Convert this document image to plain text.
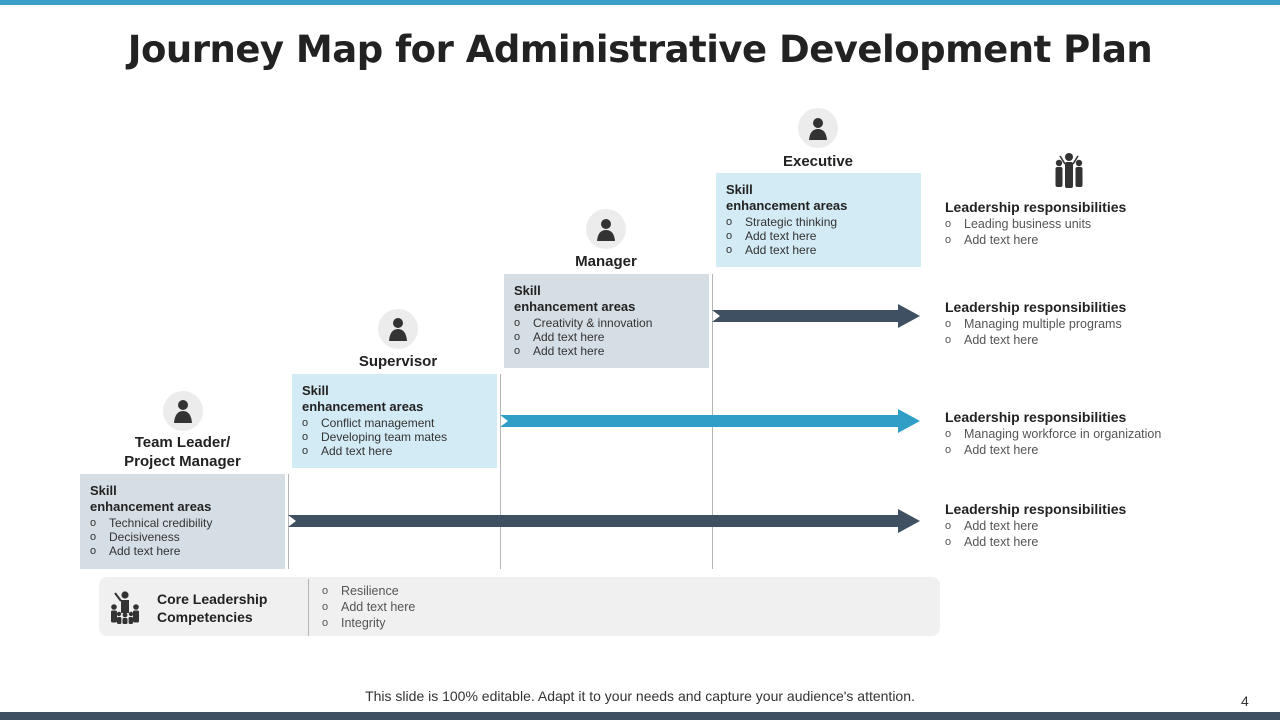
Journey Map for Administrative Development Plan
Team Leader/
Project Manager
Skill
enhancement areas
o Technical credibility
o Decisiveness
o Add text here
Supervisor
Skill
enhancement areas
o Conflict management
o Developing team mates
o Add text here
Manager
Skill
enhancement areas
o Creativity & innovation
o Add text here
o Add text here
Executive
Skill
enhancement areas
o Strategic thinking
o Add text here
o Add text here
Leadership responsibilities
o Leading business units
o Add text here
Leadership responsibilities
o Managing multiple programs
o Add text here
Leadership responsibilities
o Managing workforce in organization
o Add text here
Leadership responsibilities
o Add text here
o Add text here
Core Leadership
Competencies
o Resilience
o Add text here
o Integrity
This slide is 100% editable. Adapt it to your needs and capture your audience's attention.	4
